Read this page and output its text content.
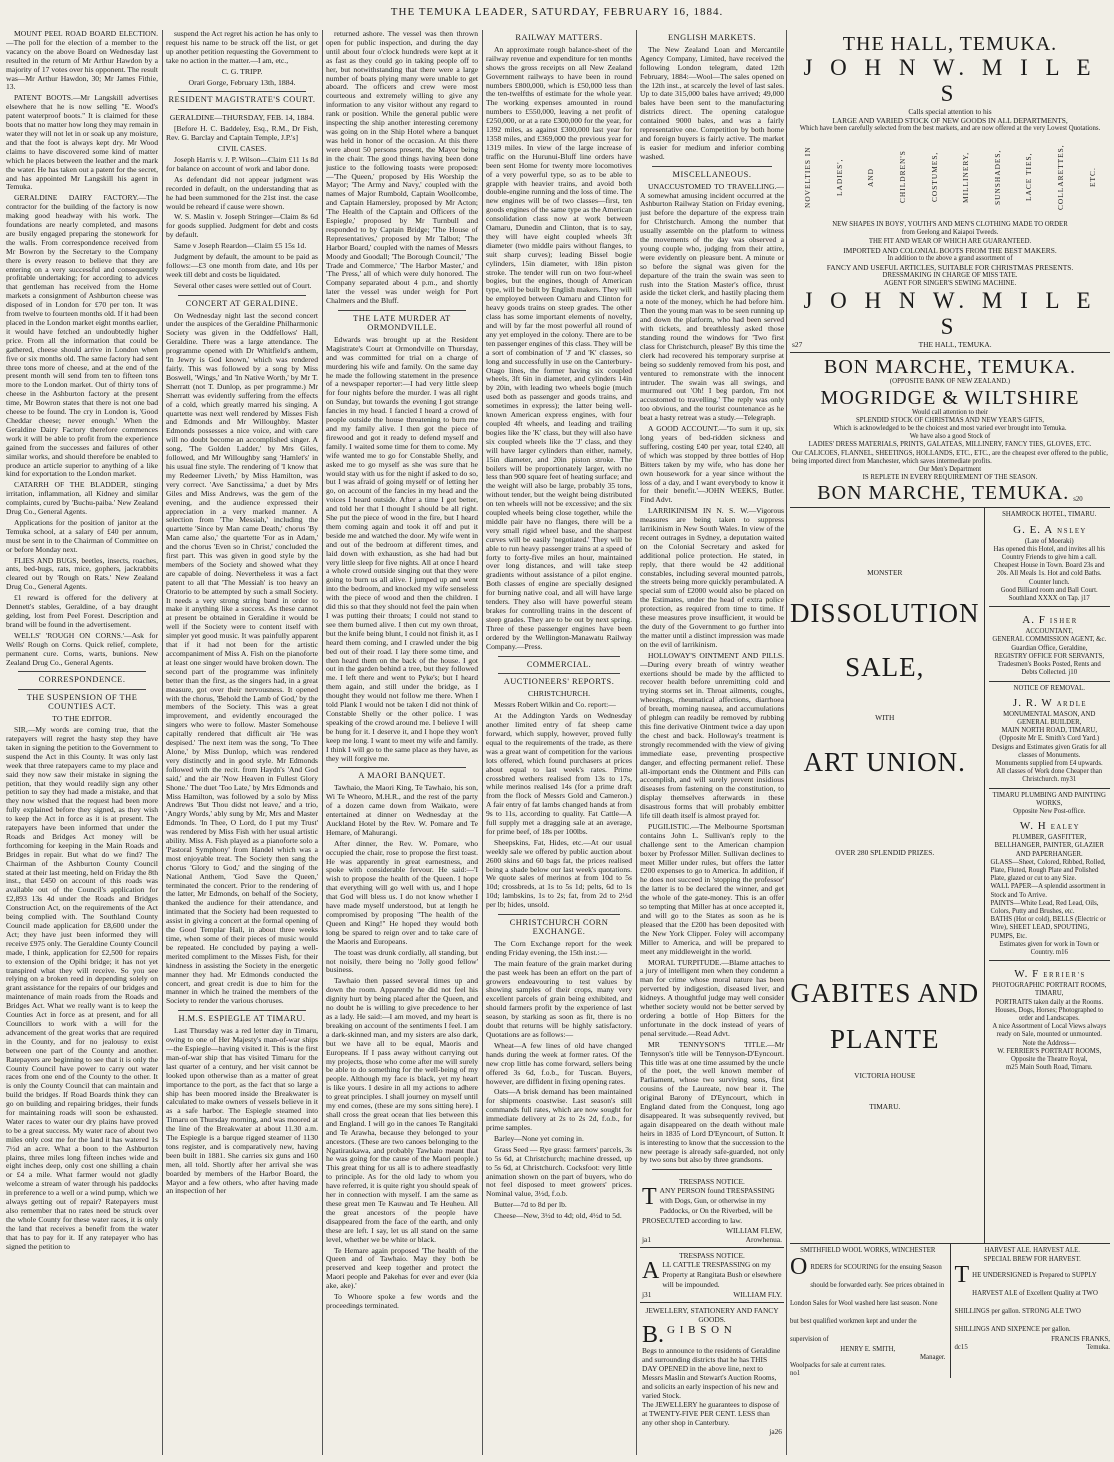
THE TEMUKA LEADER, SATURDAY, FEBRUARY 16, 1884.

MOUNT PEEL ROAD BOARD ELECTION.—The poll for the election of a member to the vacancy on the above Board on Wednesday last resulted in the return of Mr Arthur Hawdon by a majority of 17 votes over his opponent. The result was—Mr Arthur Hawdon, 30; Mr James Fithie, 13.

PATENT BOOTS.—Mr Langskill advertises elsewhere that he is now selling "E. Wood's patent waterproof boots." It is claimed for these boots that no matter how long they may remain in water they will not let in or soak up any moisture, and that the foot is always kept dry. Mr Wood claims to have discovered some kind of matter which he places between the leather and the mark the water. He has taken out a patent for the secret, and has appointed Mr Langskill his agent in Temuka.

GERALDINE DAIRY FACTORY.—The contractor for the building of the factory is now making good headway with his work. The foundations are nearly completed, and masons are busily engaged preparing the stonework for the walls. From correspondence received from Mr Bowron by the Secretary to the Company there is every reason to believe that they are entering on a very successful and consequently profitable undertaking; for according to advices that gentleman has received from the Home markets a consignment of Ashburton cheese was disposed of in London for £70 per ton. It was from twelve to fourteen months old. If it had been placed in the London market eight months earlier, it would have fetched an undoubtedly higher price. From all the information that could be gathered, cheese should arrive in London when five or six months old. The same factory had sent three tons more of cheese, and at the end of the present month will send from ten to fifteen tons more to the London market. Out of thirty tons of cheese in the Ashburton factory at the present time, Mr Bowron states that there is not one bad cheese to be found. The cry in London is, 'Good Cheddar cheese; never enough.' When the Geraldine Dairy Factory therefore commences work it will be able to profit from the experience gained from the successes and failures of other similar works, and should therefore be enabled to produce an article superior to anything of a like kind for exportation to the London market.

CATARRH OF THE BLADDER, stinging irritation, inflammation, all Kidney and similar complaints, cured by 'Buchu-paiba.' New Zealand Drug Co., General Agents.

Applications for the position of janitor at the Temuka school, at a salary of £40 per annum, must be sent in to the Chairman of Committee on or before Monday next.

FLIES AND BUGS, beetles, insects, roaches, ants, bed-bugs, rats, mice, gophers, jackrabbits cleared out by 'Rough on Rats.' New Zealand Drug Co., General Agents.

£1 reward is offered for the delivery at Dennett's stables, Geraldine, of a bay draught gelding, lost from Peel Forest. Description and brand will be found in the advertisement.

WELLS' 'ROUGH ON CORNS.'—Ask for Wells' Rough on Corns. Quick relief, complete, permanent cure. Corns, warts, bunions. New Zealand Drug Co., General Agents.

CORRESPONDENCE.
THE SUSPENSION OF THE COUNTIES ACT.
TO THE EDITOR.

SIR,—My words are coming true, that the ratepayers will regret the hasty step they have taken in signing the petition to the Government to suspend the Act in this County. It was only last week that three ratepayers came to my place and said they now saw their mistake in signing the petition, that they would readily sign any other petition to say they had made a mistake, and that they now wished that the request had been more fully explained before they signed, as they wish to keep the Act in force as it is at present. The ratepayers have been informed that under the Roads and Bridges Act money will be forthcoming for keeping in the Main Roads and Bridges in repair. But what do we find? The Chairman of the Ashburton County Council stated at their last meeting, held on Friday the 8th inst., that £450 on account of this roads was available out of the Council's application for £2,893 13s 4d under the Roads and Bridges Construction Act, on the requirements of the Act being complied with. The Southland County Council made application for £8,600 under the Act; they have just been informed they will receive £975 only. The Geraldine County Council made, I think, application for £2,500 for repairs to extension of the Opihi bridge; it has not yet transpired what they will receive. So you see relying on a broken reed in depending solely on grant assistance for the repairs of our bridges and maintenance of main roads from the Roads and Bridges Act. What we really want is to keep the Counties Act in force as at present, and for all Councillors to work with a will for the advancement of the great works that are required in the County, and for no jealousy to exist between one part of the County and another. Ratepayers are beginning to see that it is only the County Council have power to carry out water races from one end of the County to the other. It is only the County Council that can maintain and build the bridges. If Road Boards think they can go on building and repairing bridges, their funds for maintaining roads will soon be exhausted. Water races to water our dry plains have proved to be a great success. My water race of about two miles only cost me for the land it has watered 1s 7½d an acre. What a boon to the Ashburton plains, three miles long fifteen inches wide and eight inches deep, only cost one shilling a chain or £4 a mile. What farmer would not gladly welcome a stream of water through his paddocks in preference to a well or a wind pump, which we always getting out of repair? Ratepayers must also remember that no rates need be struck over the whole County for these water races, it is only the land that receives a benefit from the water that has to pay for it. If any ratepayer who has signed the petition to

suspend the Act regret his action he has only to request his name to be struck off the list, or get up another petition requesting the Government to take no action in the matter.—I am, etc.,

C. G. TRIPP.
Orari Gorge, February 13th, 1884.
RESIDENT MAGISTRATE'S COURT.
GERALDINE—THURSDAY, FEB. 14, 1884.

[Before H. C. Baddeley, Esq., R.M., Dr Fish, Rev. G. Barclay and Captain Temple, J.P.'s]

CIVIL CASES.

Joseph Harris v. J. P. Wilson—Claim £11 1s 8d for balance on account of work and labor done.

As defendant did not appear judgment was recorded in default, on the understanding that as he had been summoned for the 21st inst. the case would be reheard if cause were shown.

W. S. Maslin v. Joseph Stringer—Claim 8s 6d for goods supplied. Judgment for debt and costs by default.

Same v Joseph Reardon—Claim £5 15s 1d.

Judgment by default, the amount to be paid as follows:—£3 one month from date, and 10s per week till debt and costs be liquidated.

Several other cases were settled out of Court.

CONCERT AT GERALDINE.

On Wednesday night last the second concert under the auspices of the Geraldine Philharmonic Society was given in the Oddfellows' Hall, Geraldine. There was a large attendance. The programme opened with Dr Whitfield's anthem, 'In Jewry is God known,' which was rendered fairly. This was followed by a song by Miss Boswell, 'Wings,' and 'In Native Worth,' by Mr T. Sherratt (not T. Dunlop, as per programme.) Mr Sherratt was evidently suffering from the effects of a cold, which greatly marred his singing. A quartette was next well rendered by Misses Fish and Edmonds and Mr Willoughby. Master Edmonds possesses a nice voice, and with care will no doubt become an accomplished singer. A song, 'The Golden Ladder,' by Mrs Giles, followed, and Mr Willoughby sang 'Hamlet's' in his usual fine style. The rendering of 'I know that my Redeemer Liveth,' by Miss Hamilton, was very correct. 'Ave Sanctissima,' a duet by Mrs Giles and Miss Andrews, was the gem of the evening, and the audience expressed their appreciation in a very marked manner. A selection from 'The Messiah,' including the quartette 'Since by Man came Death,' chorus 'By Man came also,' the quartette 'For as in Adam,' and the chorus 'Even so in Christ,' concluded the first part. This was given in good style by the members of the Society and showed what they are capable of doing. Nevertheless it was a fact patent to all that 'The Messiah' is too heavy an Oratorio to be attempted by such a small Society. It needs a very strong string band in order to make it anything like a success. As these cannot at present be obtained in Geraldine it would be well if the Society were to content itself with simpler yet good music. It was painfully apparent that if it had not been for the artistic accompaniment of Miss A. Fish on the pianoforte at least one singer would have broken down. The second part of the programme was infinitely better than the first, as the singers had, in a great measure, got over their nervousness. It opened with the chorus, 'Behold the Lamb of God,' by the members of the Society. This was a great improvement, and evidently encouraged the singers who were to follow. Master Somehouse capitally rendered that difficult air 'He was despised.' The next item was the song, 'To Thee Alone,' by Miss Dunlop, which was rendered very distinctly and in good style. Mr Edmonds followed with the recit. from Haydn's 'And God said,' and the air 'Now Heaven in Fullest Glory Shone.' The duet 'Too Late,' by Mrs Edmonds and Miss Hamilton, was followed by a solo by Miss Andrews 'But Thou didst not leave,' and a trio, 'Angry Words,' ably sung by Mr, Mrs and Master Edmonds. 'In Thee, O Lord, do I put my Trust' was rendered by Miss Fish with her usual artistic ability. Miss A. Fish played as a pianoforte solo a 'Pastoral Symphony' from Handel which was a most enjoyable treat. The Society then sang the chorus 'Glory to God,' and the singing of the National Anthem, 'God Save the Queen,' terminated the concert. Prior to the rendering of the latter, Mr Edmonds, on behalf of the Society, thanked the audience for their attendance, and intimated that the Society had been requested to assist in giving a concert at the formal opening of the Good Templar Hall, in about three weeks time, when some of their pieces of music would be repeated. He concluded by paying a well-merited compliment to the Misses Fish, for their kindness in assisting the Society in the energetic manner they had. Mr Edmonds conducted the concert, and great credit is due to him for the manner in which he trained the members of the Society to render the various choruses.

H.M.S. ESPIEGLE AT TIMARU.

Last Thursday was a red letter day in Timaru, owing to one of Her Majesty's man-of-war ships—the Espiegle—having visited it. This is the first man-of-war ship that has visited Timaru for the last quarter of a century, and her visit cannot be looked upon otherwise than as a matter of great importance to the port, as the fact that so large a ship has been moored inside the Breakwater is calculated to make owners of vessels believe in it as a safe harbor. The Espiegle steamed into Timaru on Thursday morning, and was moored at the line of the Breakwater at about 11.30 a.m. The Espiegle is a barque rigged steamer of 1130 tons register, and is comparatively new, having been built in 1881. She carries six guns and 160 men, all told. Shortly after her arrival she was boarded by members of the Harbor Board, the Mayor and a few others, who after having made an inspection of her

returned ashore. The vessel was then thrown open for public inspection, and during the day until about four o'clock hundreds were kept at it as fast as they could go in taking people off to her, but notwithstanding that there were a large number of boats plying many were unable to get aboard. The officers and crew were most courteous and extremely willing to give any information to any visitor without any regard to rank or position. While the general public were inspecting the ship another interesting ceremony was going on in the Ship Hotel where a banquet was held in honor of the occasion. At this there were about 50 persons present, the Mayor being in the chair. The good things having been done justice to the following toasts were proposed:—'The Queen,' proposed by His Worship the Mayor; 'The Army and Navy,' coupled with the names of Major Rumbold, Captain Woollcombe, and Captain Hamersley, proposed by Mr Acton; 'The Health of the Captain and Officers of the Espiegle,' proposed by Mr Turnbull and responded to by Captain Bridge; 'The House of Representatives,' proposed by Mr Talbot; 'The Harbor Board,' coupled with the names of Messrs Moody and Goodall; 'The Borough Council,' 'The Trade and Commerce,' 'The Harbor Master,' and 'The Press,' all of which were duly honored. The Company separated about 4 p.m., and shortly later the vessel was under weigh for Port Chalmers and the Bluff.

THE LATE MURDER AT ORMONDVILLE.

Edwards was brought up at the Resident Magistrate's Court at Ormondville on Thursday, and was committed for trial on a charge of murdering his wife and family. On the same day he made the following statement in the presence of a newspaper reporter:—I had very little sleep for four nights before the murder. I was all right on Sunday, but towards the evening I got strange fancies in my head. I fancied I heard a crowd of people outside the house threatening to burn me and my family alive. I then got the piece of firewood and got it ready to defend myself and family. I waited some time for them to come. My wife wanted me to go for Constable Shelly, and asked me to go myself as she was sure that he would stay with us for the night if asked to do so, but I was afraid of going myself or of letting her go, on account of the fancies in my head and the voices I heard outside. After a time I got better, and told her that I thought I should be all right. She put the piece of wood in the fire, but I heard them coming again and took it off and put it beside me and watched the door. My wife went in and out of the bedroom at different times, and laid down with exhaustion, as she had had but very little sleep for five nights. All at once I heard a whole crowd outside singing out that they were going to burn us all alive. I jumped up and went into the bedroom, and knocked my wife senseless with the piece of wood and then the children. I did this so that they should not feel the pain when I was putting their throats; I could not stand to see them burned alive. I then cut my own throat, but the knife being blunt, I could not finish it, as I heard them coming, and I crawled under the big bed out of their road. I lay there some time, and then heard them on the back of the house. I got out in the garden behind a tree, but they followed me. I left there and went to Pyke's; but I heard them again, and still under the bridge, as I thought they would not follow me there. When I told Plank I would not be taken I did not think of Constable Shelly or the other police. I was speaking of the crowd around me. I believe I will be hung for it. I deserve it, and I hope they won't keep me long. I want to meet my wife and family. I think I will go to the same place as they have, as they will forgive me.

A MAORI BANQUET.

Tawhaio, the Maori King, Te Tawhaio, his son, Wi Te Wheoro, M.H.R., and the rest of the party of a dozen came down from Waikato, were entertained at dinner on Wednesday at the Auckland Hotel by the Rev. W. Pomare and Te Hemare, of Mahurangi.

After dinner, the Rev. W. Pomare, who occupied the chair, rose to propose the first toast. He was apparently in great earnestness, and spoke with considerable fervour. He said:—'I wish to propose the health of the Queen. I hope that everything will go well with us, and I hope that God will bless us. I do not know whether I have made myself understood, but at length he compromised by proposing "The health of the Queen and King!" He hoped they would both long be spared to reign over and to take care of the Maoris and Europeans.

The toast was drunk cordially, all standing, but not noisily, there being no 'Jolly good fellow' business.

Tawhaio then passed several times up and down the room. Apparently he did not feel his dignity hurt by being placed after the Queen, and no doubt he is willing to give precedence to her as a lady. He said:—I am moved, and my heart is breaking on account of the sentiments I feel. I am a dark-skinned man, and my sisters are also dark, but we have all to be equal, Maoris and Europeans. If I pass away without carrying out my projects, those who come after me will surely be able to do something for the well-being of my people. Although my face is black, yet my heart is like yours. I desire in all my actions to adhere to great principles. I shall journey on myself until my end comes, (these are my sons sitting here). I shall cross the great ocean that lies between this and England. I will go in the canoes Te Rangitaki and Te Arawha, because they belonged to your ancestors. (These are two canoes belonging to the Ngatiraukawa, and probably Tawhaio meant that he was going for the cause of the Maori people.) This great thing for us all is to adhere steadfastly to principle. As for the old lady to whom you have referred, it is quite right you should speak of her in connection with myself. I am the same as these great men Te Kauwau and Te Heuheu. All the great ancestors of the people have disappeared from the face of the earth, and only these are left. I say, let us all stand on the same level, whether we be white or black.

Te Hemare again proposed 'The health of the Queen and of Tawhaio. May they both be preserved and keep together and protect the Maori people and Pakehas for ever and ever (kia ake, ake).'

To Whoore spoke a few words and the proceedings terminated.

RAILWAY MATTERS.

An approximate rough balance-sheet of the railway revenue and expenditure for ten months shows the gross receipts on all New Zealand Government railways to have been in round numbers £800,000, which is £50,000 less than the ten-twelfths of estimate for the whole year. The working expenses amounted in round numbers to £550,000, leaving a net profit of £250,000, or at a rate £300,000 for the year, for 1392 miles, as against £300,000 last year for 1358 miles, and £369,000 the previous year for 1319 miles. In view of the large increase of traffic on the Hurunui-Bluff line orders have been sent Home for twenty more locomotives of a very powerful type, so as to be able to grapple with heavier trains, and avoid both double-engine running and the loss of time. The new engines will be of two classes—first, ten goods engines of the same type as the American consolidation class now at work between Oamaru, Dunedin and Clinton, that is to say, they will have eight coupled wheels 3ft diameter (two middle pairs without flanges, to suit sharp curves); leading Bissel bogie cylinders, 15in diameter, with 18in piston stroke. The tender will run on two four-wheel bogies, but the engines, though of American type, will be built by English makers. They will be employed between Oamaru and Clinton for heavy goods trains on steep grades. The other class has some important elements of novelty, and will by far the most powerful all round of any yet employed in the colony. There are to be ten passenger engines of this class. They will be a sort of combination of 'J' and 'K' classes, so long and successfully in use on the Canterbury-Otago lines, the former having six coupled wheels, 3ft 6in in diameter, and cylinders 14in by 20in, with leading two wheels bogie (much used both as passenger and goods trains, and sometimes in express); the latter being well-known American express engines, with four coupled 4ft wheels, and leading and trailing bogies like the 'K' class, but they will also have six coupled wheels like the 'J' class, and they will have larger cylinders than either, namely, 15in diameter, and 20in piston stroke. The boilers will be proportionately larger, with no less than 900 square feet of heating surface; and the weight will also be large, probably 35 tons, without tender, but the weight being distributed on ten wheels will not be excessive; and the six coupled wheels being close together, while the middle pair have no flanges, there will be a very small rigid wheel base, and the sharpest curves will be easily 'negotiated.' They will be able to run heavy passenger trains at a speed of forty to forty-five miles an hour, maintained over long distances, and will take steep gradients without assistance of a pilot engine. Both classes of engine are specially designed for burning native coal, and all will have large tenders. They also will have powerful steam brakes for controlling trains in the descent of steep grades. They are to be out by next spring. Three of these passenger engines have been ordered by the Wellington-Manawatu Railway Company.—Press.

COMMERCIAL.
AUCTIONEERS' REPORTS.
CHRISTCHURCH.

Messrs Robert Wilkin and Co. report:—

At the Addington Yards on Wednesday another limited entry of fat sheep came forward, which supply, however, proved fully equal to the requirements of the trade, as there was a great want of competition for the various lots offered, which found purchasers at prices about equal to last week's rates. Prime crossbred wethers realised from 13s to 17s, while merinos realised 14s (for a prime draft from the flock of Messrs Gold and Cameron.) A fair entry of fat lambs changed hands at from 9s to 11s, according to quality. Fat Cattle—A full supply met a dragging sale at an average, for prime beef, of 18s per 100lbs.

Sheepskins, Fat, Hides, etc.—At our usual weekly sale we offered by public auction about 2600 skins and 60 bags fat, the prices realised being a shade below our last week's quotations. We quote sales of merinos at from 10d to 5s 10d; crossbreds, at 1s to 5s 1d; pelts, 6d to 1s 10d; lambskins, 1s to 2s; fat, from 2d to 2½d per lb; hides, unsold.

CHRISTCHURCH CORN EXCHANGE.

The Corn Exchange report for the week ending Friday evening, the 15th inst.:—

The main feature of the grain market during the past week has been an effort on the part of growers endeavouring to test values by showing samples of their crops, many very excellent parcels of grain being exhibited, and should farmers profit by the experience of last season, by starking as soon as fit, there is no doubt that returns will be highly satisfactory. Quotations are as follows:—

Wheat—A few lines of old have changed hands during the week at former rates. Of the new crop little has come forward, sellers being offered 3s 6d, f.o.b., for Tuscan. Buyers, however, are diffident in fixing opening rates.

Oats—A brisk demand has been maintained for shipments coastwise. Last season's still commands full rates, which are now sought for immediate delivery at 2s to 2s 2d, f.o.b., for prime samples.

Barley—None yet coming in.

Grass Seed — Rye grass: farmers' parcels, 3s to 5s 6d, at Christchurch; machine dressed, up to 5s 6d, at Christchurch. Cocksfoot: very little animation shown on the part of buyers, who do not feel disposed to meet growers' prices. Nominal value, 3½d, f.o.b.

Butter—7d to 8d per lb.

Cheese—New, 3½d to 4d; old, 4½d to 5d.

ENGLISH MARKETS.

The New Zealand Loan and Mercantile Agency Company, Limited, have received the following London telegram, dated 12th February, 1884:—Wool—The sales opened on the 12th inst., at scarcely the level of last sales. Up to date 315,000 bales have arrived; 49,000 bales have been sent to the manufacturing districts direct. The opening catalogue contained 9000 bales, and was a fairly representative one. Competition by both home and foreign buyers is fairly active. The market is easier for medium and inferior combing washed.

MISCELLANEOUS.

UNACCUSTOMED TO TRAVELLING.—A somewhat amusing incident occurred at the Ashburton Railway Station on Friday evening, just before the departure of the express train for Christchurch. Among the number that usually assemble on the platform to witness the movements of the day was observed a young couple who, judging from their attire, were evidently on pleasure bent. A minute or so before the signal was given for the departure of the train the swain was seen to rush into the Station Master's office, thrust aside the ticket clerk, and hastily placing them a note of the money, which he had before him. Then the young man was to be seen running up and down the platform, who had been served with tickets, and breathlessly asked those standing round the windows for 'Two first class for Christchurch, please!' By this time the clerk had recovered his temporary surprise at being so suddenly removed from his post, and ventured to remonstrate with the innocent intruder. The swain was all swings, and murmured out 'Oh! I beg pardon, I'm not accustomed to travelling.' The reply was only too obvious, and the tourist countenance as he beat a hasty retreat was a study.—Telegraph.

A GOOD ACCOUNT.—'To sum it up, six long years of bed-ridden sickness and suffering, costing £40 per year, total £240, all of which was stopped by three bottles of Hop Bitters taken by my wife, who has done her own housework for a year since without the loss of a day, and I want everybody to know it for their benefit.'—JOHN WEEKS, Butler. Find Advt.

LARRIKINISM IN N. S. W.—Vigorous measures are being taken to suppress larrikinism in New South Wales. In view of the recent outrages in Sydney, a deputation waited on the Colonial Secretary and asked for additional police protection. He stated, in reply, that there would be 42 additional constables, including several mounted patrols, the streets being more quickly perambulated. A special sum of £2000 would also be placed on the Estimates, under the head of extra police protection, as required from time to time. If these measures prove insufficient, it would be the duty of the Government to go further into the matter until a distinct impression was made on the evil of larrikinism.

HOLLOWAY'S OINTMENT AND PILLS.—During every breath of wintry weather exertions should be made by the afflicted to recover health before unremitting cold and trying storms set in. Throat ailments, coughs, wheezings, rheumatical affections, diarrhoea of breath, morning nausea, and accumulations of phlegm can readily be removed by rubbing this fine derivative Ointment twice a day upon the chest and back. Holloway's treatment is strongly recommended with the view of giving immediate ease, preventing prospective danger, and effecting permanent relief. These all-important ends the Ointment and Pills can accomplish, and will surely prevent insidious diseases from fastening on the constitution, to display themselves afterwards in these disastrous forms that will probably embitter life till death itself is almost prayed for.

PUGILISTIC.—The Melbourne Sportsman contains John L. Sullivan's reply to the challenge sent to the American champion boxer by Professor Miller. Sullivan declines to meet Miller under rules, but offers the latter £200 expenses to go to America. In addition, if he does not succeed in 'stopping the professor' the latter is to be declared the winner, and get the whole of the gate-money. This is an offer so tempting that Miller has at once accepted it, and will go to the States as soon as he is pleased that the £200 has been deposited with the New York Clipper. Foley will accompany Miller to America, and will be prepared to meet any middleweight in the world.

MORAL TURPITUDE.—Blame attaches to a jury of intelligent men when they condemn a man for crime whose moral nature has been perverted by indigestion, diseased liver, and kidneys. A thoughtful judge may well consider whether society would not be better served by ordering a bottle of Hop Bitters for the unfortunate in the dock instead of years of penal servitude.—Read Advt.

MR TENNYSON'S TITLE.—Mr Tennyson's title will be Tennyson-D'Eyncourt. This title was at one time assumed by the uncle of the poet, the well known member of Parliament, whose two surviving sons, first cousins of the Laureate, now bear it. The original Barony of D'Eyncourt, which in England dated from the Conquest, long ago disappeared. It was subsequently revived, but again disappeared on the death without male heirs in 1835 of Lord D'Eyncourt, of Sutton. It is interesting to know that the succession to the new peerage is already safe-guarded, not only by two sons but also by three grandsons.

TRESPASS NOTICE.
T ANY PERSON found TRESPASSING with Dogs, Gun, or otherwise in my Paddocks, or On the Riverbed, will be PROSECUTED according to law.
WILLIAM FLEW,
ja1	Arowhenua.
TRESPASS NOTICE.
A LL CATTLE TRESPASSING on my Property at Rangitata Bush or elsewhere will be impounded.
j31	WILLIAM FLY.
JEWELLERY, STATIONERY AND FANCY GOODS.
B. G I B S O N
Begs to announce to the residents of Geraldine and surrounding districts that he has THIS DAY OPENED in the above line, next to Messrs Maslin and Stewart's Auction Rooms, and solicits an early inspection of his new and varied Stock.
The JEWELLERY he guarantees to dispose of at TWENTY-FIVE PER CENT. LESS than any other shop in Canterbury.
ja26
THE HALL, TEMUKA.
J O H N W. M I L E S
Calls special attention to his
LARGE AND VARIED STOCK OF NEW GOODS IN ALL DEPARTMENTS,
Which have been carefully selected from the best markets, and are now offered at the very Lowest Quotations.
NOVELTIES IN	LADIES',	AND	CHILDREN'S	COSTUMES,	MILLINERY,	SUNSHADES,	LACE TIES,	COLLARETTES,	ETC.
NEW SHAPES IN BOYS', YOUTH'S AND MEN'S CLOTHING MADE TO ORDER
from Geelong and Kaiapoi Tweeds.
THE FIT AND WEAR OF WHICH ARE GUARANTEED.
IMPORTED AND COLONIAL BOOTS FROM THE BEST MAKERS.
In addition to the above a grand assortment of
FANCY AND USEFUL ARTICLES, SUITABLE FOR CHRISTMAS PRESENTS.
DRESSMAKING IN CHARGE OF MISS TATE.
AGENT FOR SINGER'S SEWING MACHINE.
J O H N W. M I L E S
s27	THE HALL, TEMUKA.
BON MARCHE, TEMUKA.
(OPPOSITE BANK OF NEW ZEALAND.)
MOGRIDGE & WILTSHIRE
Would call attention to their
SPLENDID STOCK OF CHRISTMAS AND NEW YEAR'S GIFTS,
Which is acknowledged to be the choicest and most varied ever brought into Temuka.
We have also a good Stock of
LADIES' DRESS MATERIALS, PRINTS, GALATEAS, MILLINERY, FANCY TIES, GLOVES, ETC.
Our CALICOES, FLANNEL, SHEETINGS, HOLLANDS, ETC., ETC., are the cheapest ever offered to the public, being imported direct from Manchester, which saves intermediate profits.
Our Men's Department
IS REPLETE IN EVERY REQUIREMENT OF THE SEASON.
BON MARCHE, TEMUKA. s20
MONSTER
DISSOLUTION
SALE,
WITH
ART UNION.
OVER 280 SPLENDID PRIZES.
GABITES AND
PLANTE
VICTORIA HOUSE
TIMARU.
SHAMROCK HOTEL, TIMARU.
G. E. A N S L E Y
(Late of Moeraki)
Has opened this Hotel, and invites all his Country Friends to give him a call.
Cheapest House in Town. Board 23s and 20s. All Meals 1s. Hot and cold Baths. Counter lunch.
Good Billiard room and Ball Court.
Southland XXXX on Tap. j17
A. F I S H E R
ACCOUNTANT,
GENERAL COMMISSION AGENT, &c.
Guardian Office, Geraldine,
REGISTRY OFFICE FOR SERVANTS,
Tradesmen's Books Posted, Rents and Debts Collected. j10
NOTICE OF REMOVAL.
J. R. W A R D L E
MONUMENTAL MASON, AND GENERAL BUILDER,
MAIN NORTH ROAD, TIMARU,
(Opposite Mr E. Smith's Cord Yard.)
Designs and Estimates given Gratis for all classes of Monuments.
Monuments supplied from £4 upwards.
All classes of Work done Cheaper than Christchurch. my31
TIMARU PLUMBING AND PAINTING WORKS,
Opposite New Post-office.
W. H E A L E Y
PLUMBER, GASFITTER, BELLHANGER, PAINTER, GLAZIER AND PAPERHANGER.
GLASS—Sheet, Colored, Ribbed, Rolled, Plate, Fluted, Rough Plate and Polished Plate, glazed or cut to any Size.
WALL PAPER—A splendid assortment in Stock and To Arrive.
PAINTS—White Lead, Red Lead, Oils, Colors, Putty and Brushes, etc.
BATHS (Hot or cold), BELLS (Electric or Wire), SHEET LEAD, SPOUTING, PUMPS, Etc.
Estimates given for work in Town or Country. m16
W. F E R R I E R ' S
PHOTOGRAPHIC PORTRAIT ROOMS, TIMARU,
PORTRAITS taken daily at the Rooms.
Houses, Dogs, Horses; Photographed to order and Landscapes.
A nice Assortment of Local Views always ready on Sale, mounted or unmounted.
Note the Address—
W. FERRIER'S PORTRAIT ROOMS, Opposite the Theatre Royal,
m25 Main South Road, Timaru.
SMITHFIELD WOOL WORKS, WINCHESTER
O RDERS for SCOURING for the ensuing Season should be forwarded early. See prices obtained in London Sales for Wool washed here last season. None but best qualified workmen kept and under the supervision of
HENRY E. SMITH,
Manager.
Woolpacks for sale at current rates.
no1
HARVEST ALE. HARVEST ALE.
SPECIAL BREW FOR HARVEST.
T HE UNDERSIGNED is Prepared to SUPPLY HARVEST ALE of Excellent Quality at TWO SHILLINGS per gallon. STRONG ALE TWO SHILLINGS AND SIXPENCE per gallon.
FRANCIS FRANKS,
dc15	Temuka.
